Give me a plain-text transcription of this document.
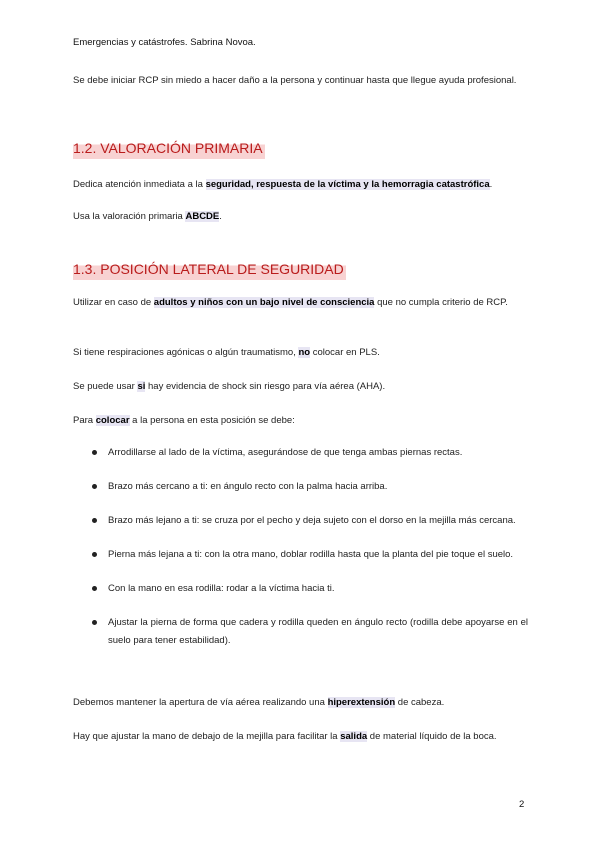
Emergencias y catástrofes. Sabrina Novoa.
Se debe iniciar RCP sin miedo a hacer daño a la persona y continuar hasta que llegue ayuda profesional.
1.2. VALORACIÓN PRIMARIA
Dedica atención inmediata a la seguridad, respuesta de la víctima y la hemorragia catastrófica.
Usa la valoración primaria ABCDE.
1.3. POSICIÓN LATERAL DE SEGURIDAD
Utilizar en caso de adultos y niños con un bajo nivel de consciencia que no cumpla criterio de RCP.
Si tiene respiraciones agónicas o algún traumatismo, no colocar en PLS.
Se puede usar si hay evidencia de shock sin riesgo para vía aérea (AHA).
Para colocar a la persona en esta posición se debe:
Arrodillarse al lado de la víctima, asegurándose de que tenga ambas piernas rectas.
Brazo más cercano a ti: en ángulo recto con la palma hacia arriba.
Brazo más lejano a ti: se cruza por el pecho y deja sujeto con el dorso en la mejilla más cercana.
Pierna más lejana a ti: con la otra mano, doblar rodilla hasta que la planta del pie toque el suelo.
Con la mano en esa rodilla: rodar a la víctima hacia ti.
Ajustar la pierna de forma que cadera y rodilla queden en ángulo recto (rodilla debe apoyarse en el suelo para tener estabilidad).
Debemos mantener la apertura de vía aérea realizando una hiperextensión de cabeza.
Hay que ajustar la mano de debajo de la mejilla para facilitar la salida de material líquido de la boca.
2
